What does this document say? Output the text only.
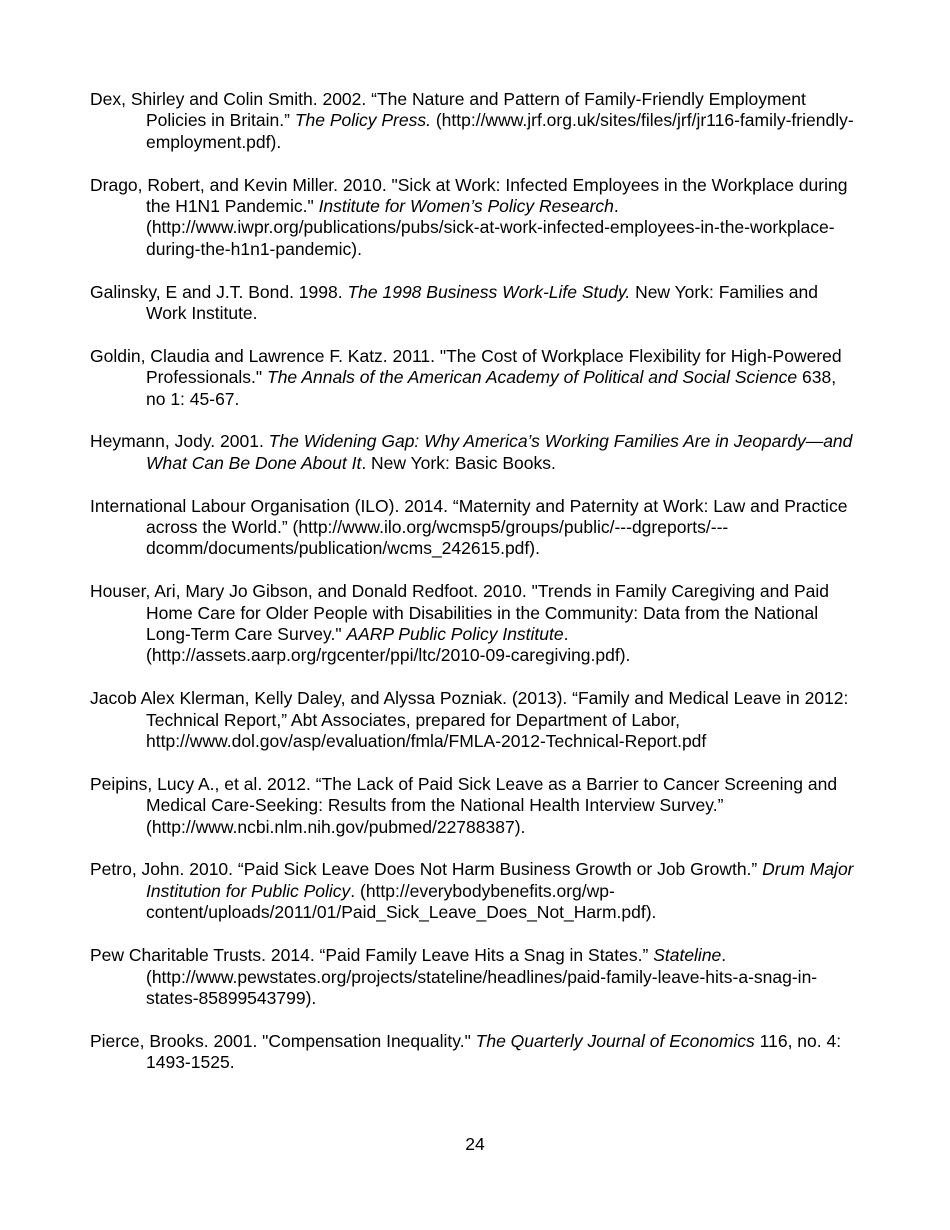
Dex, Shirley and Colin Smith. 2002. “The Nature and Pattern of Family-Friendly Employment Policies in Britain.” The Policy Press. (http://www.jrf.org.uk/sites/files/jrf/jr116-family-friendly-employment.pdf).

Drago, Robert, and Kevin Miller. 2010. "Sick at Work: Infected Employees in the Workplace during the H1N1 Pandemic." Institute for Women’s Policy Research. (http://www.iwpr.org/publications/pubs/sick-at-work-infected-employees-in-the-workplace-during-the-h1n1-pandemic).

Galinsky, E and J.T. Bond. 1998. The 1998 Business Work-Life Study. New York: Families and Work Institute.

Goldin, Claudia and Lawrence F. Katz. 2011. "The Cost of Workplace Flexibility for High-Powered Professionals." The Annals of the American Academy of Political and Social Science 638, no 1: 45-67.

Heymann, Jody. 2001. The Widening Gap: Why America’s Working Families Are in Jeopardy—and What Can Be Done About It. New York: Basic Books.

International Labour Organisation (ILO). 2014. “Maternity and Paternity at Work: Law and Practice across the World.” (http://www.ilo.org/wcmsp5/groups/public/---dgreports/---dcomm/documents/publication/wcms_242615.pdf).

Houser, Ari, Mary Jo Gibson, and Donald Redfoot. 2010. "Trends in Family Caregiving and Paid Home Care for Older People with Disabilities in the Community: Data from the National Long-Term Care Survey." AARP Public Policy Institute. (http://assets.aarp.org/rgcenter/ppi/ltc/2010-09-caregiving.pdf).

Jacob Alex Klerman, Kelly Daley, and Alyssa Pozniak. (2013). “Family and Medical Leave in 2012: Technical Report,” Abt Associates, prepared for Department of Labor, http://www.dol.gov/asp/evaluation/fmla/FMLA-2012-Technical-Report.pdf

Peipins, Lucy A., et al. 2012. “The Lack of Paid Sick Leave as a Barrier to Cancer Screening and Medical Care-Seeking: Results from the National Health Interview Survey.” (http://www.ncbi.nlm.nih.gov/pubmed/22788387).

Petro, John. 2010. “Paid Sick Leave Does Not Harm Business Growth or Job Growth.” Drum Major Institution for Public Policy. (http://everybodybenefits.org/wp-content/uploads/2011/01/Paid_Sick_Leave_Does_Not_Harm.pdf).

Pew Charitable Trusts. 2014. “Paid Family Leave Hits a Snag in States.” Stateline. (http://www.pewstates.org/projects/stateline/headlines/paid-family-leave-hits-a-snag-in-states-85899543799).

Pierce, Brooks. 2001. "Compensation Inequality." The Quarterly Journal of Economics 116, no. 4: 1493-1525.

24
